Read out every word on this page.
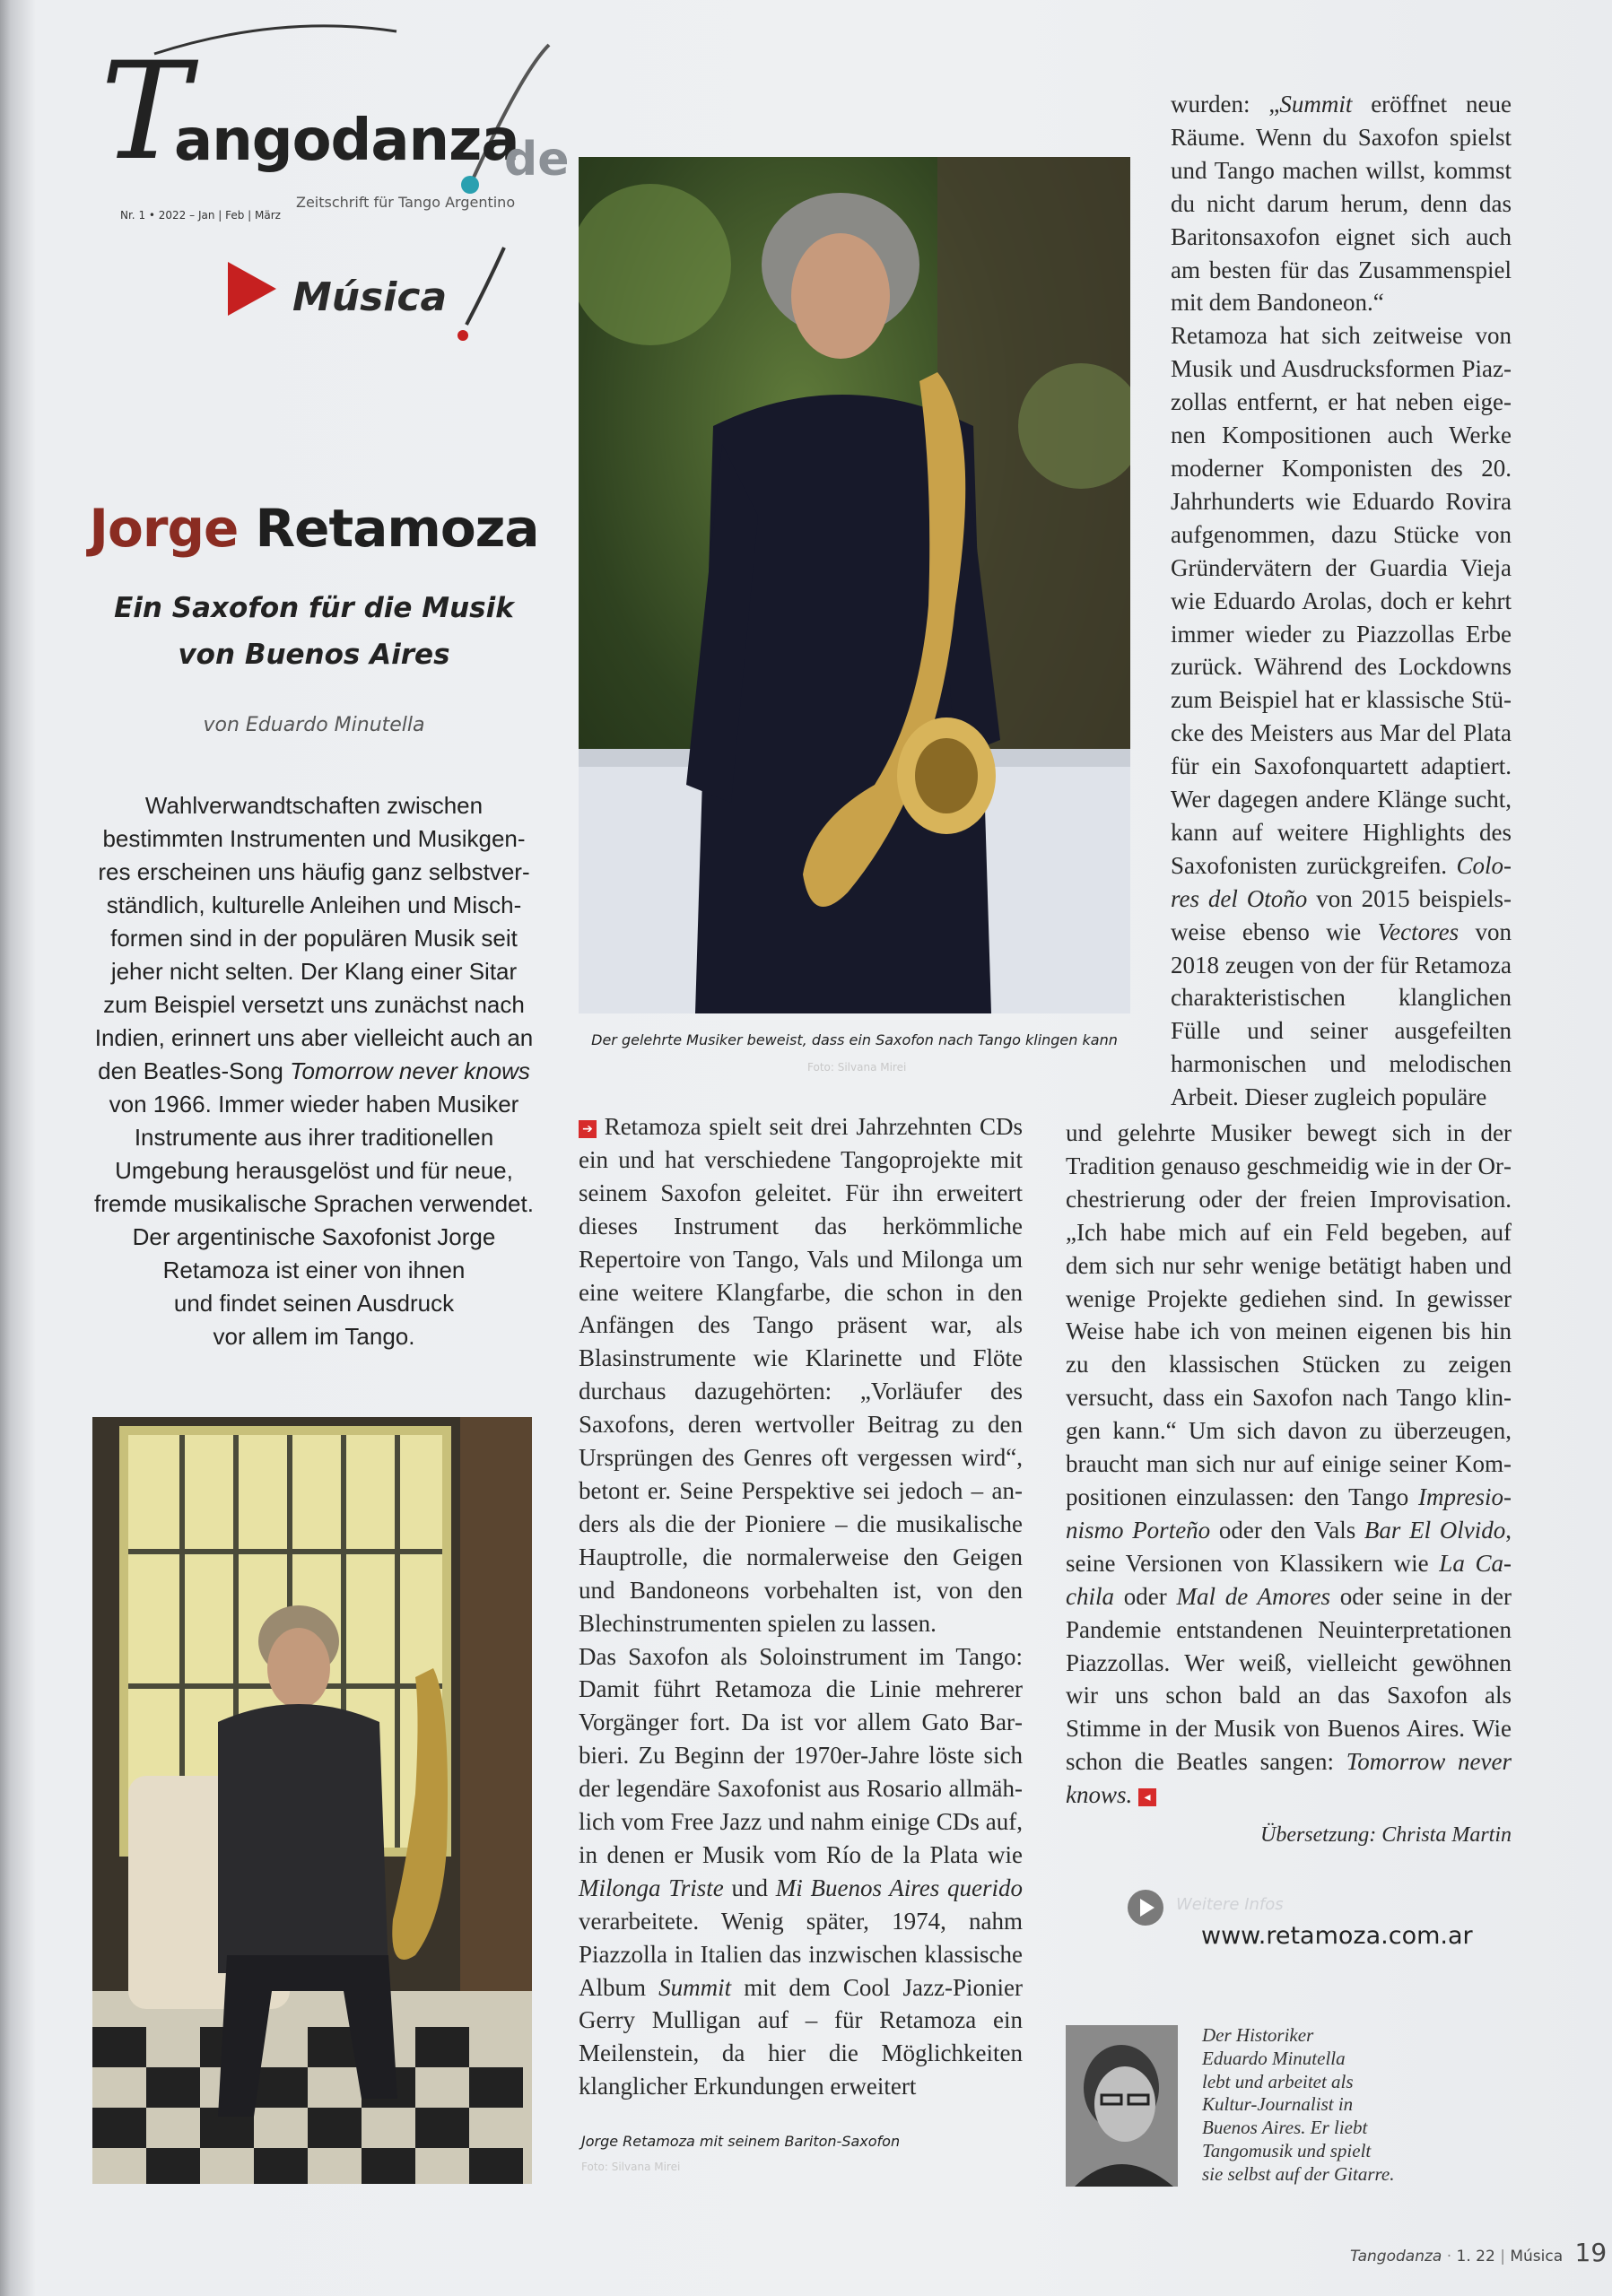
T
angodanza
de
Zeitschrift für Tango Argentino
Nr. 1 • 2022 – Jan | Feb | März
Música
Jorge Retamoza
Ein Saxofon für die Musik
von Buenos Aires
von Eduardo Minutella
Wahlverwandtschaften zwischen
bestimmten Instrumenten und Musikgen-
res erscheinen uns häufig ganz selbstver-
ständlich, kulturelle Anleihen und Misch-
formen sind in der populären Musik seit
jeher nicht selten. Der Klang einer Sitar
zum Beispiel versetzt uns zunächst nach
Indien, erinnert uns aber vielleicht auch an
den Beatles-Song Tomorrow never knows
von 1966. Immer wieder haben Musiker
Instrumente aus ihrer traditionellen
Umgebung herausgelöst und für neue,
fremde musikalische Sprachen verwendet.
Der argentinische Saxofonist Jorge
Retamoza ist einer von ihnen
und findet seinen Ausdruck
vor allem im Tango.
Der gelehrte Musiker beweist, dass ein Saxofon nach Tango klingen kann
Foto: Silvana Mirei
Jorge Retamoza mit seinem Bariton-Saxofon
Foto: Silvana Mirei

➔ Retamoza spielt seit drei Jahrzehnten CDs ein und hat verschiedene Tangoprojekte mit seinem Saxofon geleitet. Für ihn erweitert dieses Instrument das herkömmliche Repertoire von Tango, Vals und Milonga um eine weitere Klangfarbe, die schon in den Anfängen des Tango präsent war, als Blasinstrumente wie Klarinette und Flöte durchaus dazugehörten: „Vorläufer des Saxofons, deren wertvoller Beitrag zu den Ursprüngen des Genres oft vergessen wird“, betont er. Seine Perspektive sei jedoch – anders als die der Pioniere – die musikalische Hauptrolle, die normalerweise den Geigen und Bandoneons vorbehalten ist, von den Blechinstrumenten spielen zu lassen.

Das Saxofon als Soloinstrument im Tango: Damit führt Retamoza die Linie mehrerer Vorgänger fort. Da ist vor allem Gato Barbieri. Zu Beginn der 1970er-Jahre löste sich der legendäre Saxofonist aus Rosario allmählich vom Free Jazz und nahm einige CDs auf, in denen er Musik vom Río de la Plata wie Milonga Triste und Mi Buenos Aires querido verarbeitete. Wenig später, 1974, nahm Piazzolla in Italien das inzwischen klassische Album Summit mit dem Cool Jazz-Pionier Gerry Mulligan auf – für Retamoza ein Meilenstein, da hier die Möglichkeiten klanglicher Erkundungen erweitert

wurden: „Summit eröffnet neue Räume. Wenn du Saxofon spielst und Tango machen willst, kommst du nicht darum herum, denn das Baritonsaxofon eignet sich auch am besten für das Zusammenspiel mit dem Bandoneon.“

Retamoza hat sich zeitweise von Musik und Ausdrucksformen Piazzollas entfernt, er hat neben eigenen Kompositionen auch Werke moderner Komponisten des 20. Jahrhunderts wie Eduardo Rovira aufgenommen, dazu Stücke von Gründervätern der Guardia Vieja wie Eduardo Arolas, doch er kehrt immer wieder zu Piazzollas Erbe zurück. Während des Lockdowns zum Beispiel hat er klassische Stücke des Meisters aus Mar del Plata für ein Saxofonquartett adaptiert. Wer dagegen andere Klänge sucht, kann auf weitere Highlights des Saxofonisten zurückgreifen. Colores del Otoño von 2015 beispielsweise ebenso wie Vectores von 2018 zeugen von der für Retamoza charakteristischen klanglichen Fülle und seiner ausgefeilten harmonischen und melodischen Arbeit. Dieser zugleich populäre

und gelehrte Musiker bewegt sich in der Tradition genauso geschmeidig wie in der Orchestrierung oder der freien Improvisation. „Ich habe mich auf ein Feld begeben, auf dem sich nur sehr wenige betätigt haben und wenige Projekte gediehen sind. In gewisser Weise habe ich von meinen eigenen bis hin zu den klassischen Stücken zu zeigen versucht, dass ein Saxofon nach Tango klingen kann.“ Um sich davon zu überzeugen, braucht man sich nur auf einige seiner Kompositionen einzulassen: den Tango Impresionismo Porteño oder den Vals Bar El Olvido, seine Versionen von Klassikern wie La Cachila oder Mal de Amores oder seine in der Pandemie entstandenen Neuinterpretationen Piazzollas. Wer weiß, vielleicht gewöhnen wir uns schon bald an das Saxofon als Stimme in der Musik von Buenos Aires. Wie schon die Beatles sangen: Tomorrow never knows. ◂

Übersetzung: Christa Martin

Weitere Infos
www.retamoza.com.ar
Der Historiker
Eduardo Minutella
lebt und arbeitet als
Kultur-Journalist in
Buenos Aires. Er liebt
Tangomusik und spielt
sie selbst auf der Gitarre.
Tangodanza · 1. 22 | Música 19
